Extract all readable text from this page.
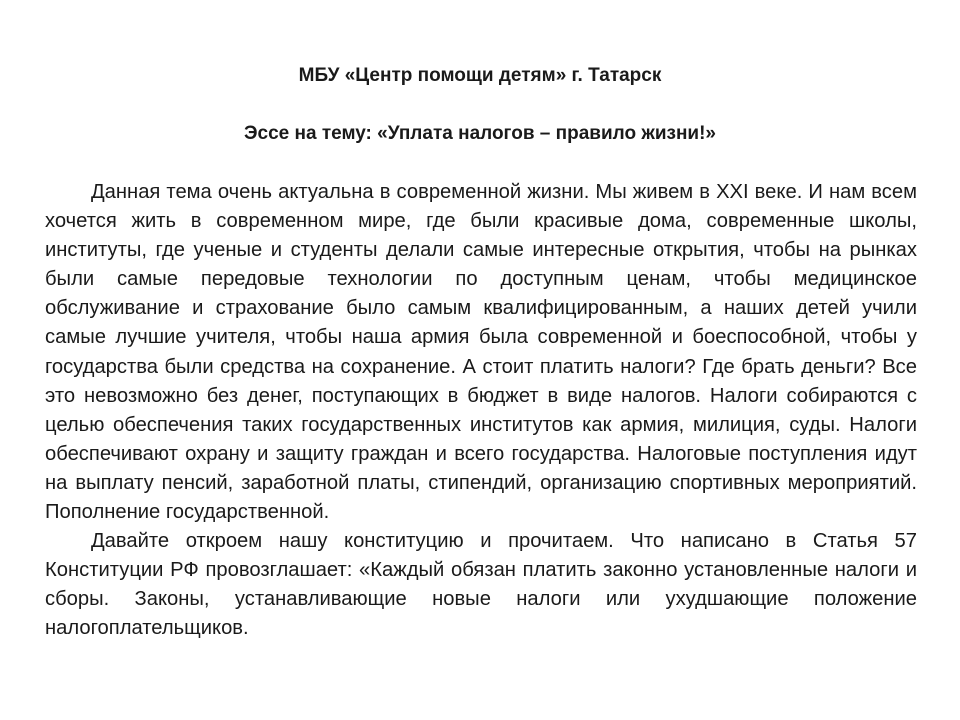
МБУ «Центр помощи детям» г. Татарск
Эссе на тему: «Уплата налогов – правило жизни!»

Данная тема очень актуальна в современной жизни. Мы живем в XXI веке. И нам всем хочется жить в современном мире, где были красивые дома, современные школы, институты, где ученые и студенты делали самые интересные открытия, чтобы на рынках были самые передовые технологии по доступным ценам, чтобы медицинское обслуживание и страхование было самым квалифицированным, а наших детей учили самые лучшие учителя, чтобы наша армия была современной и боеспособной, чтобы у государства были средства на сохранение. А стоит платить налоги? Где брать деньги? Все это невозможно без денег, поступающих в бюджет в виде налогов. Налоги собираются с целью обеспечения таких государственных институтов как армия, милиция, суды. Налоги обеспечивают охрану и защиту граждан и всего государства. Налоговые поступления идут на выплату пенсий, заработной платы, стипендий, организацию спортивных мероприятий. Пополнение государственной.

Давайте откроем нашу конституцию и прочитаем. Что написано в Статья 57 Конституции РФ провозглашает: «Каждый обязан платить законно установленные налоги и сборы. Законы, устанавливающие новые налоги или ухудшающие положение налогоплательщиков.
